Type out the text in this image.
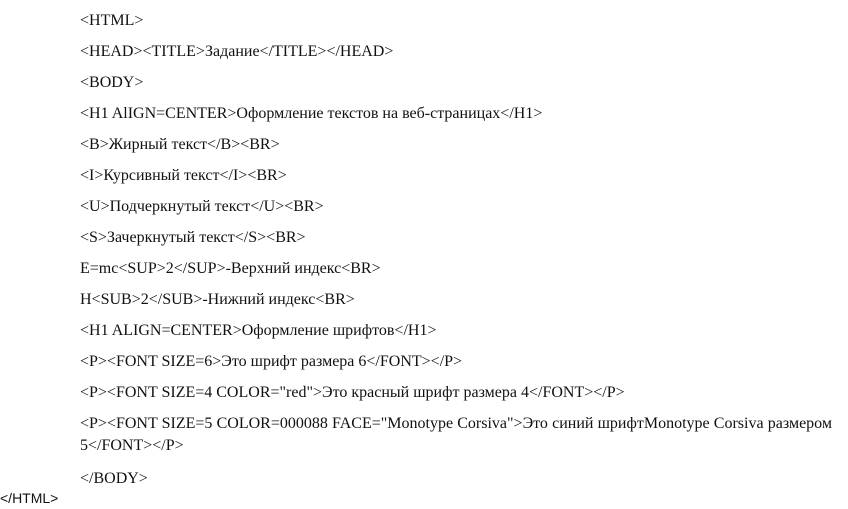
<HTML>
<HEAD><TITLE>Задание</TITLE></HEAD>
<BODY>
<H1 AlIGN=CENTER>Оформление текстов на веб-страницах</H1>
<B>Жирный текст</B><BR>
<I>Курсивный текст</I><BR>
<U>Подчеркнутый текст</U><BR>
<S>Зачеркнутый текст</S><BR>
E=mc<SUP>2</SUP>-Верхний индекс<BR>
H<SUB>2</SUB>-Нижний индекс<BR>
<H1 ALIGN=CENTER>Оформление шрифтов</H1>
<P><FONT SIZE=6>Это шрифт размера 6</FONT></P>
<P><FONT SIZE=4 COLOR="red">Это красный шрифт размера 4</FONT></P>
<P><FONT SIZE=5 COLOR=000088 FACE="Monotype Corsiva">Это синий шрифтMonotype Corsiva размером 5</FONT></P>
</BODY>
</HTML>
